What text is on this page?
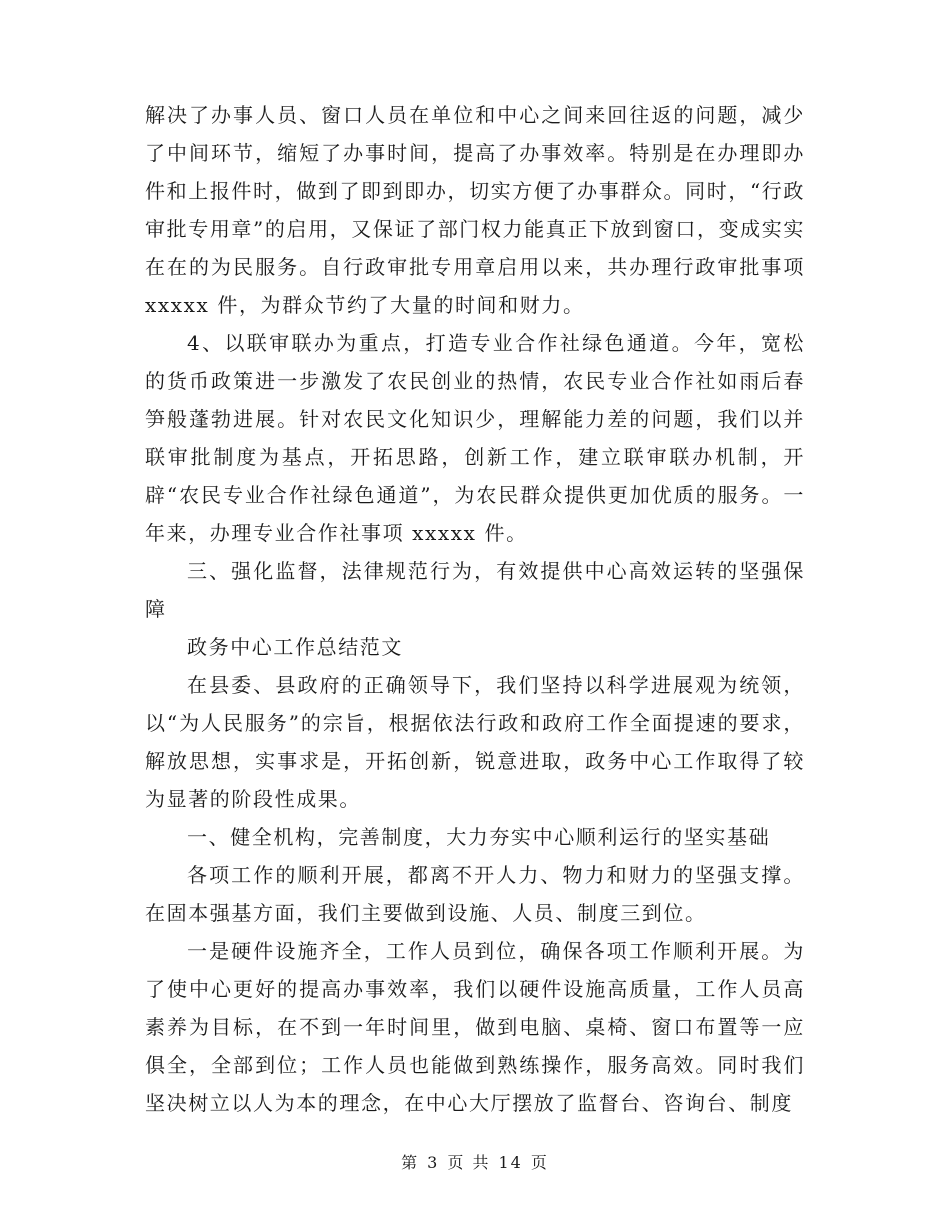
解决了办事人员、窗口人员在单位和中心之间来回往返的问题，减少了中间环节，缩短了办事时间，提高了办事效率。特别是在办理即办件和上报件时，做到了即到即办，切实方便了办事群众。同时，“行政审批专用章”的启用，又保证了部门权力能真正下放到窗口，变成实实在在的为民服务。自行政审批专用章启用以来，共办理行政审批事项 xxxxx 件，为群众节约了大量的时间和财力。

4、以联审联办为重点，打造专业合作社绿色通道。今年，宽松的货币政策进一步激发了农民创业的热情，农民专业合作社如雨后春笋般蓬勃进展。针对农民文化知识少，理解能力差的问题，我们以并联审批制度为基点，开拓思路，创新工作，建立联审联办机制，开辟“农民专业合作社绿色通道”，为农民群众提供更加优质的服务。一年来，办理专业合作社事项 xxxxx 件。

三、强化监督，法律规范行为，有效提供中心高效运转的坚强保障

政务中心工作总结范文

在县委、县政府的正确领导下，我们坚持以科学进展观为统领，以“为人民服务”的宗旨，根据依法行政和政府工作全面提速的要求，解放思想，实事求是，开拓创新，锐意进取，政务中心工作取得了较为显著的阶段性成果。

一、健全机构，完善制度，大力夯实中心顺利运行的坚实基础

各项工作的顺利开展，都离不开人力、物力和财力的坚强支撑。在固本强基方面，我们主要做到设施、人员、制度三到位。

一是硬件设施齐全，工作人员到位，确保各项工作顺利开展。为了使中心更好的提高办事效率，我们以硬件设施高质量，工作人员高素养为目标，在不到一年时间里，做到电脑、桌椅、窗口布置等一应俱全，全部到位；工作人员也能做到熟练操作，服务高效。同时我们坚决树立以人为本的理念，在中心大厅摆放了监督台、咨询台、制度

第 3 页 共 14 页
